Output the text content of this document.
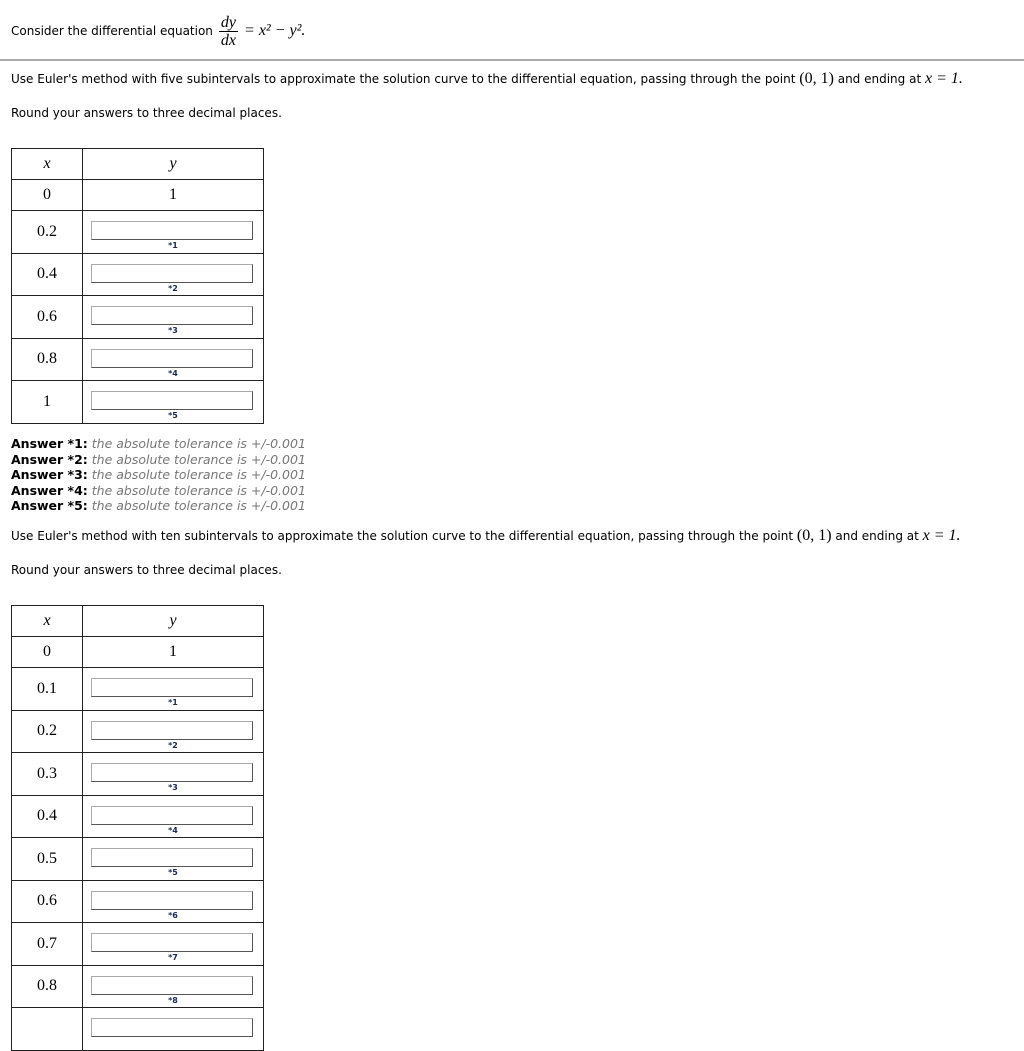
Consider the differential equation $\frac{dy}{dx} = x^2 - y^2$.
Use Euler's method with five subintervals to approximate the solution curve to the differential equation, passing through the point (0, 1) and ending at x = 1.
Round your answers to three decimal places.
x	y
0	1
0.2	*1

0.4	*2

0.6	*3

0.8	*4

1	*5
Answer *1: the absolute tolerance is +/-0.001
Answer *2: the absolute tolerance is +/-0.001
Answer *3: the absolute tolerance is +/-0.001
Answer *4: the absolute tolerance is +/-0.001
Answer *5: the absolute tolerance is +/-0.001
Use Euler's method with ten subintervals to approximate the solution curve to the differential equation, passing through the point (0, 1) and ending at x = 1.
Round your answers to three decimal places.
x	y
0	1
0.1	*1

0.2	*2

0.3	*3

0.4	*4

0.5	*5

0.6	*6

0.7	*7

0.8	*8
